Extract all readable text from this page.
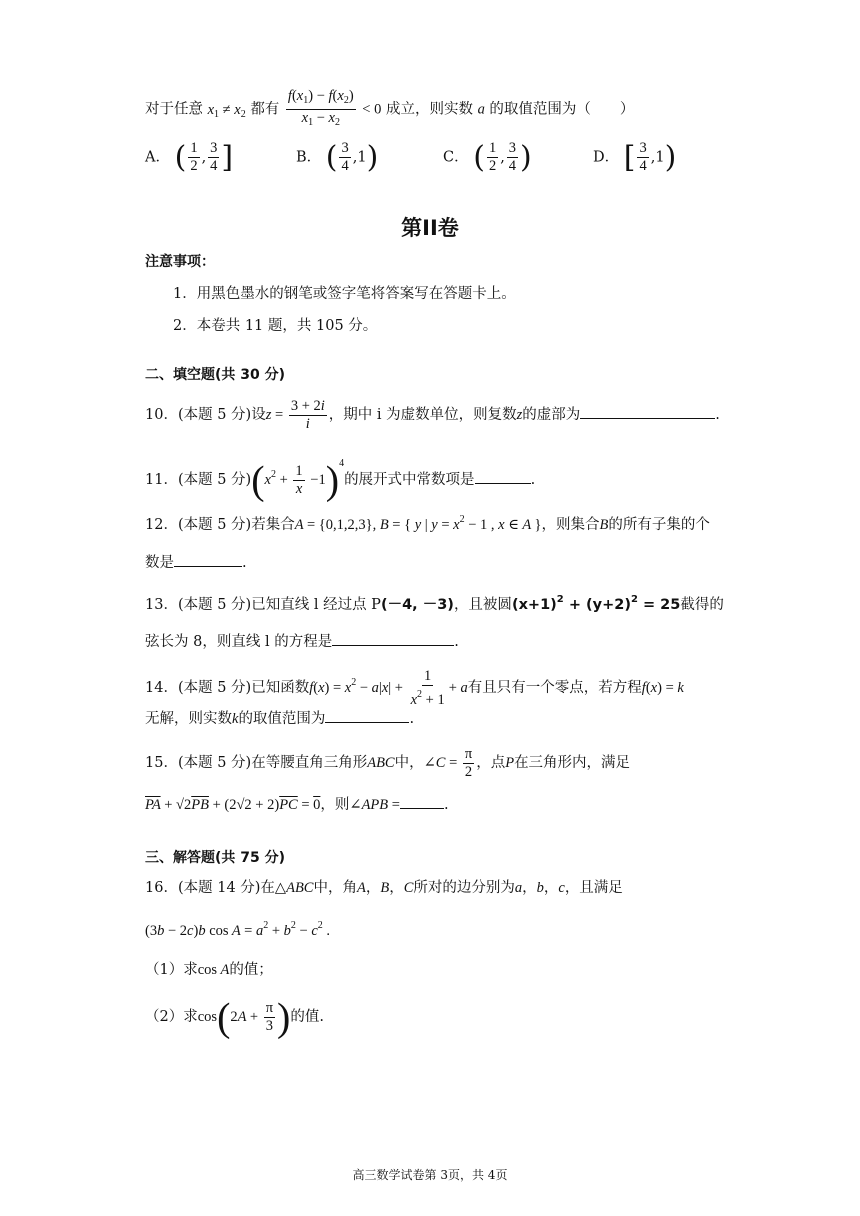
对于任意 $x_1 \ne x_2$ 都有 $\frac{f(x_1) - f(x_2)}{x_1 - x_2} < 0$ 成立，则实数 a 的取值范围为（　　）
A． ( $\frac{1}{2}$ , $\frac{3}{4}$ ]	B． ( $\frac{3}{4} ,1$)	C． ( $\frac{1}{2}$ , $\frac{3}{4}$ )	D． [ $\frac{3}{4} ,1$)
第II卷
注意事项：
1．用黑色墨水的钢笔或签字笔将答案写在答题卡上。
2．本卷共 11 题，共 105 分。
二、填空题(共 30 分)
10．(本题 5 分)设$z = \frac{3 + 2i}{i}$ ，期中 i 为虚数单位，则复数z的虚部为	.
11．(本题 5 分)$(x^2 + \frac{1}{x} -1)^4$的展开式中常数项是	.
12．(本题 5 分)若集合A = {0,1,2,3}, B = { y | $y = x^2 - 1$ , x ∈ A }，则集合B的所有子集的个
数是	.
13．(本题 5 分)已知直线 l 经过点 P(－4, －3)，且被圆$(x+1)^2 + (y+2)^2 = 25$截得的
弦长为 8，则直线 l 的方程是	.
14．(本题 5 分)已知函数$f(x) = x^2 - a|x| + \frac{1}{x^2 + 1} + a$有且只有一个零点，若方程f(x) = k
无解，则实数k的取值范围为	.
15．(本题 5 分)在等腰直角三角形ABC中，∠C = $\frac{\pi}{2}$ ，点P在三角形内，满足
$\overline{PA} + √2\overline{PB} + (2√2 + 2)\overline{PC} = 0$，则∠APB =	.
三、解答题(共 75 分)
16．(本题 14 分)在△ABC中，角A，B，C所对的边分别为a，b，c，且满足
(3b − 2c)b $\cos A = a^2 + b^2 - c^2$ .
（1）求cos A的值；
（2）求$\cos(2A + \frac{\pi}{3}$ )的值.
高三数学试卷第 3页，共 4页
